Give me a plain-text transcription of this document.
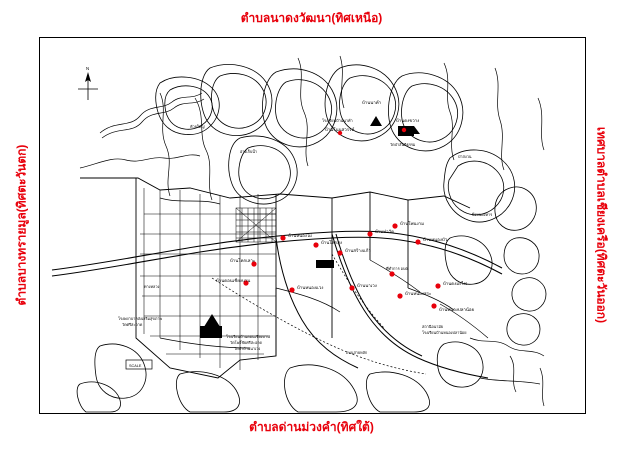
ตำบลนาดงวัฒนา(ทิศเหนือ)
ตำบลด่านม่วงคำ(ทิศใต้)
ตำบลบางทรายมูล(ทิศตะวันตก)	เทศบาลตำบลเชียงเครือ(ทิศตะวันออก)
N
SCALE
บ้านหนองไผ่
บ้านโคกสูง
บ้านสร้างแก้ว
บ้านท่าวัด
บ้านโพนงาม
บ้านหนองบัว
บ้านโคกเลาะ
บ้านดอนเชียงบาน
บ้านหนองแวง	บ้านนาเวง
บ้านหนองสระ
บ้านดงมะไฟ
บ้านหนองปลาน้อย
บ้านโนนสวรรค์
บ้านดงขวาง
บ้านนาคำ
โรงเรียนบ้านนาคำ
วัดป่าสันติธรรม
อ่างเก็บน้ำ
ห้วยใหญ่
ป่าสงวน
บึงหนองหาร
ที่ทำการ อบต.
สถานีอนามัย
โรงเรียนบ้านหนองปลาน้อย
โรงพยาบาลส่งเสริมสุขภาพ
วัดศรีสะอาด
โรงเรียนบ้านดอนเชียงบาน
วัดโพธิ์ชัยศรีสะอาด
วัดป่าบ้านนาเวง
ถนนสายหลัก
ทางหลวง
